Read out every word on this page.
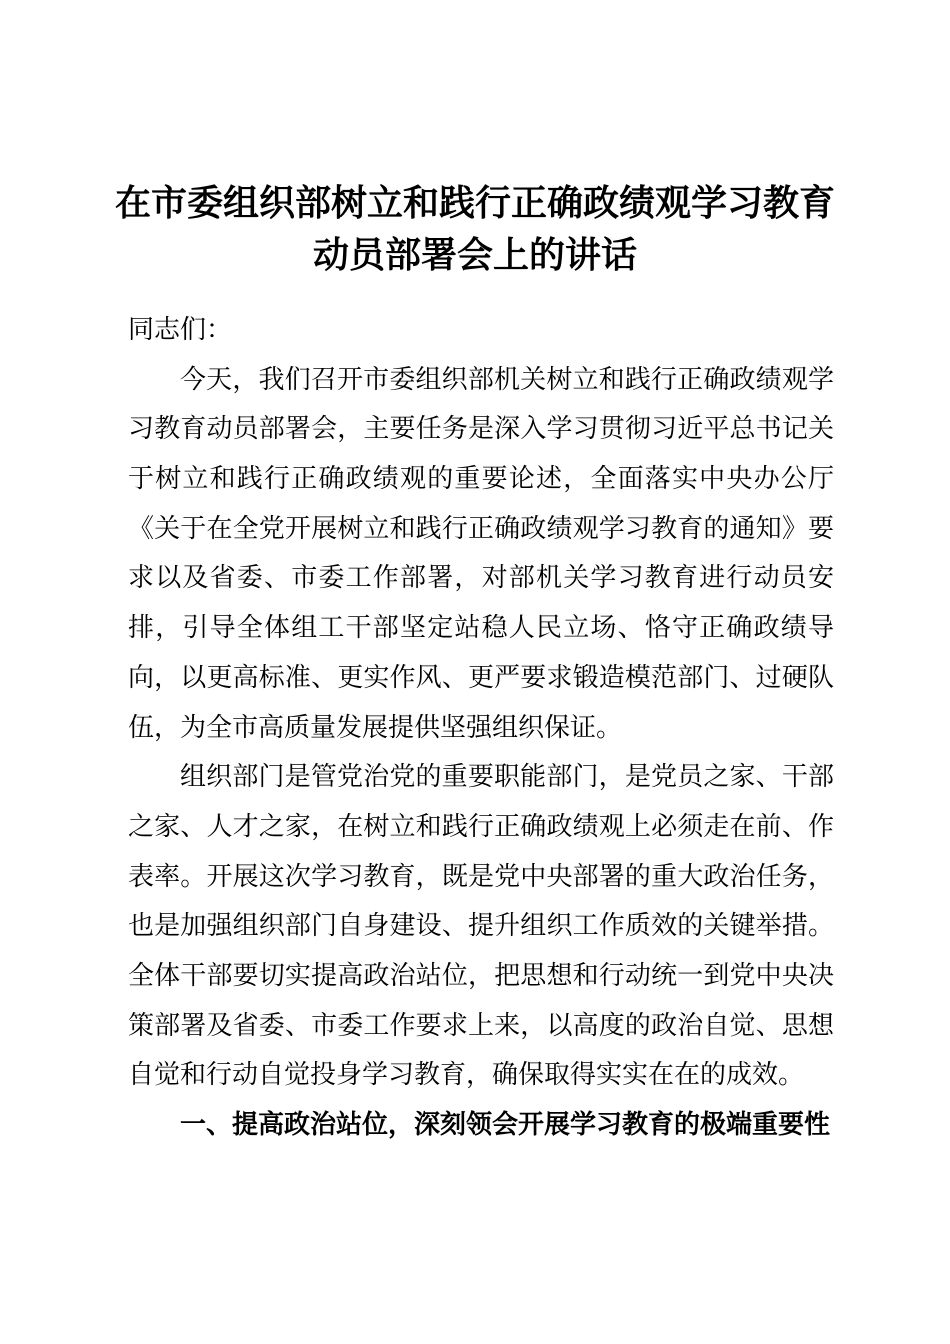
在市委组织部树立和践行正确政绩观学习教育
动员部署会上的讲话
同志们：
今天，我们召开市委组织部机关树立和践行正确政绩观学
习教育动员部署会，主要任务是深入学习贯彻习近平总书记关
于树立和践行正确政绩观的重要论述，全面落实中央办公厅
《关于在全党开展树立和践行正确政绩观学习教育的通知》要
求以及省委、市委工作部署，对部机关学习教育进行动员安
排，引导全体组工干部坚定站稳人民立场、恪守正确政绩导
向，以更高标准、更实作风、更严要求锻造模范部门、过硬队
伍，为全市高质量发展提供坚强组织保证。
组织部门是管党治党的重要职能部门，是党员之家、干部
之家、人才之家，在树立和践行正确政绩观上必须走在前、作
表率。开展这次学习教育，既是党中央部署的重大政治任务，
也是加强组织部门自身建设、提升组织工作质效的关键举措。
全体干部要切实提高政治站位，把思想和行动统一到党中央决
策部署及省委、市委工作要求上来，以高度的政治自觉、思想
自觉和行动自觉投身学习教育，确保取得实实在在的成效。
一、提高政治站位，深刻领会开展学习教育的极端重要性
